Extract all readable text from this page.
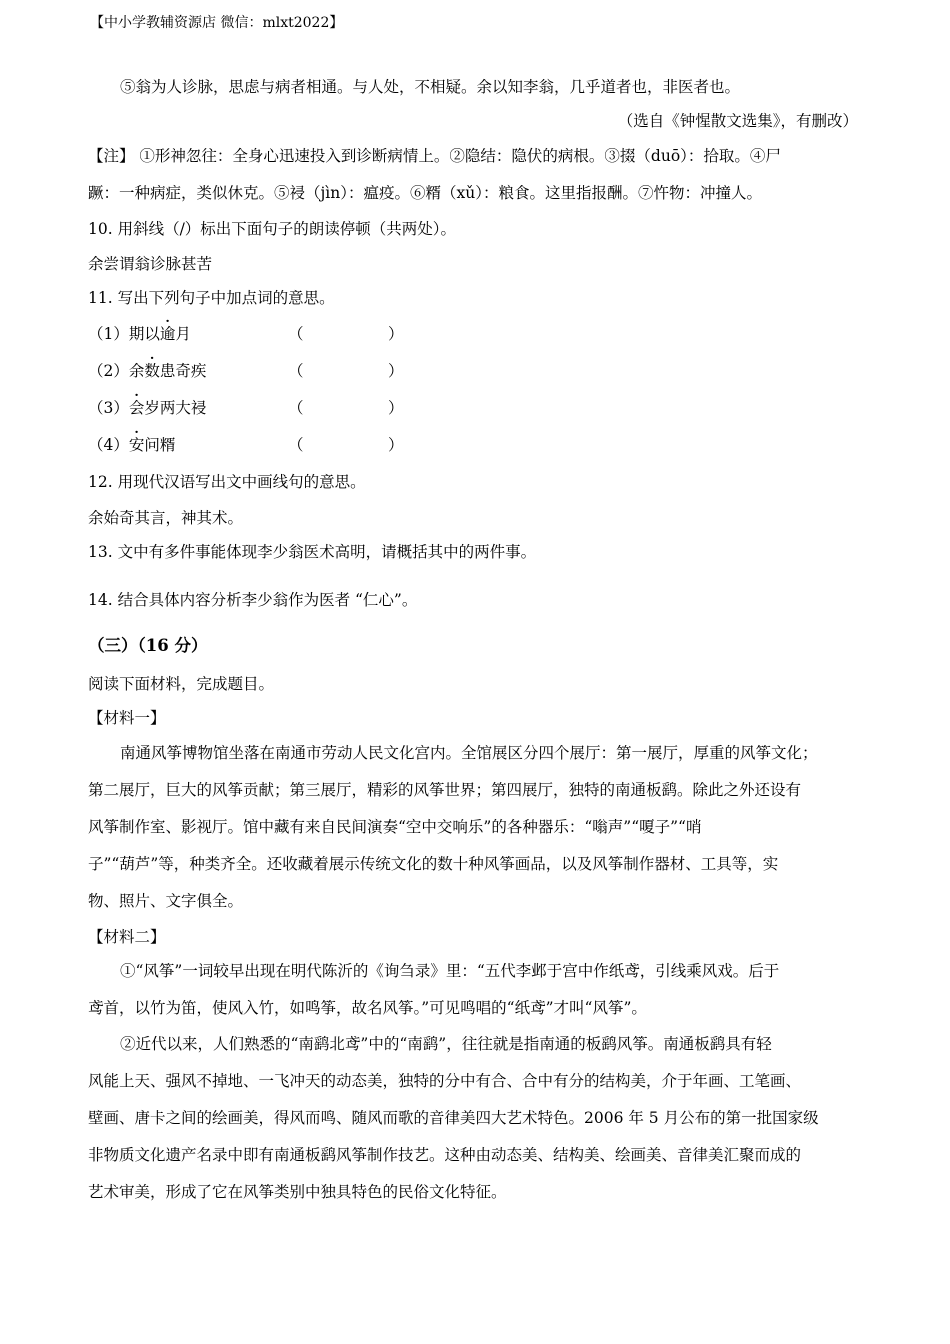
【中小学教辅资源店 微信：mlxt2022】
⑤翁为人诊脉，思虑与病者相通。与人处，不相疑。余以知李翁，几乎道者也，非医者也。
（选自《钟惺散文选集》，有删改）
【注】 ①形神忽往：全身心迅速投入到诊断病情上。②隐结：隐伏的病根。③掇（duō）：拾取。④尸
蹶：一种病症，类似休克。⑤祲（jìn）：瘟疫。⑥糈（xǔ）：粮食。这里指报酬。⑦忤物：冲撞人。
10. 用斜线（/）标出下面句子的朗读停顿（共两处）。
余尝谓翁诊脉甚苦
11. 写出下列句子中加点词的意思。
（1）期以逾月	（	）
（2）余数患奇疾	（	）
（3）会岁两大祲	（	）
（4）安问糈	（	）
12. 用现代汉语写出文中画线句的意思。
余始奇其言，神其术。
13. 文中有多件事能体现李少翁医术高明，请概括其中的两件事。
14. 结合具体内容分析李少翁作为医者 “仁心”。
（三）（16 分）
阅读下面材料，完成题目。
【材料一】
南通风筝博物馆坐落在南通市劳动人民文化宫内。全馆展区分四个展厅：第一展厅，厚重的风筝文化；
第二展厅，巨大的风筝贡献；第三展厅，精彩的风筝世界；第四展厅，独特的南通板鹞。除此之外还设有
风筝制作室、影视厅。馆中藏有来自民间演奏“空中交响乐”的各种器乐：“嗡声”“嗄子”“哨
子”“葫芦”等，种类齐全。还收藏着展示传统文化的数十种风筝画品，以及风筝制作器材、工具等，实
物、照片、文字俱全。
【材料二】
①“风筝”一词较早出现在明代陈沂的《询刍录》里：“五代李邺于宫中作纸鸢，引线乘风戏。后于
鸢首，以竹为笛，使风入竹，如鸣筝，故名风筝。”可见鸣唱的“纸鸢”才叫“风筝”。
②近代以来，人们熟悉的“南鹞北鸢”中的“南鹞”，往往就是指南通的板鹞风筝。南通板鹞具有轻
风能上天、强风不掉地、一飞冲天的动态美，独特的分中有合、合中有分的结构美，介于年画、工笔画、
壁画、唐卡之间的绘画美，得风而鸣、随风而歌的音律美四大艺术特色。2006 年 5 月公布的第一批国家级
非物质文化遗产名录中即有南通板鹞风筝制作技艺。这种由动态美、结构美、绘画美、音律美汇聚而成的
艺术审美，形成了它在风筝类别中独具特色的民俗文化特征。
